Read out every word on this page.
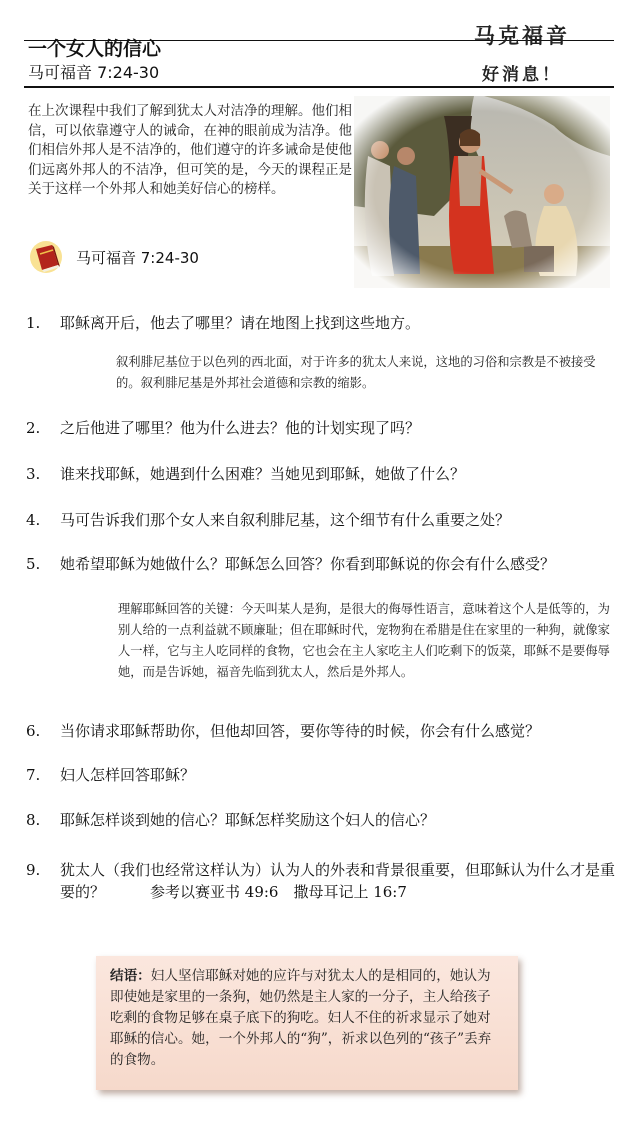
一个女人的信心
马可福音 7:24-30
马克福音
好消息！
在上次课程中我们了解到犹太人对洁净的理解。他们相信，可以依靠遵守人的诫命，在神的眼前成为洁净。他们相信外邦人是不洁净的，他们遵守的许多诫命是使他们远离外邦人的不洁净，但可笑的是，今天的课程正是关于这样一个外邦人和她美好信心的榜样。
马可福音 7:24-30
1.	耶稣离开后，他去了哪里？请在地图上找到这些地方。
叙利腓尼基位于以色列的西北面，对于许多的犹太人来说，这地的习俗和宗教是不被接受的。叙利腓尼基是外邦社会道德和宗教的缩影。
2.	之后他进了哪里？他为什么进去？他的计划实现了吗？
3.	谁来找耶稣，她遇到什么困难？当她见到耶稣，她做了什么？
4.	马可告诉我们那个女人来自叙利腓尼基，这个细节有什么重要之处？
5.	她希望耶稣为她做什么？耶稣怎么回答？你看到耶稣说的你会有什么感受？
理解耶稣回答的关键：今天叫某人是狗，是很大的侮辱性语言，意味着这个人是低等的，为别人给的一点利益就不顾廉耻；但在耶稣时代，宠物狗在希腊是住在家里的一种狗，就像家人一样，它与主人吃同样的食物，它也会在主人家吃主人们吃剩下的饭菜，耶稣不是要侮辱她，而是告诉她，福音先临到犹太人，然后是外邦人。
6.	当你请求耶稣帮助你，但他却回答，要你等待的时候，你会有什么感觉？
7.	妇人怎样回答耶稣？
8.	耶稣怎样谈到她的信心？耶稣怎样奖励这个妇人的信心？
9.	犹太人（我们也经常这样认为）认为人的外表和背景很重要，但耶稣认为什么才是重要的？　　　参考以赛亚书 49:6　撒母耳记上 16:7
结语：妇人坚信耶稣对她的应许与对犹太人的是相同的，她认为即使她是家里的一条狗，她仍然是主人家的一分子，主人给孩子吃剩的食物足够在桌子底下的狗吃。妇人不住的祈求显示了她对耶稣的信心。她，一个外邦人的“狗”，祈求以色列的“孩子”丢弃的食物。
